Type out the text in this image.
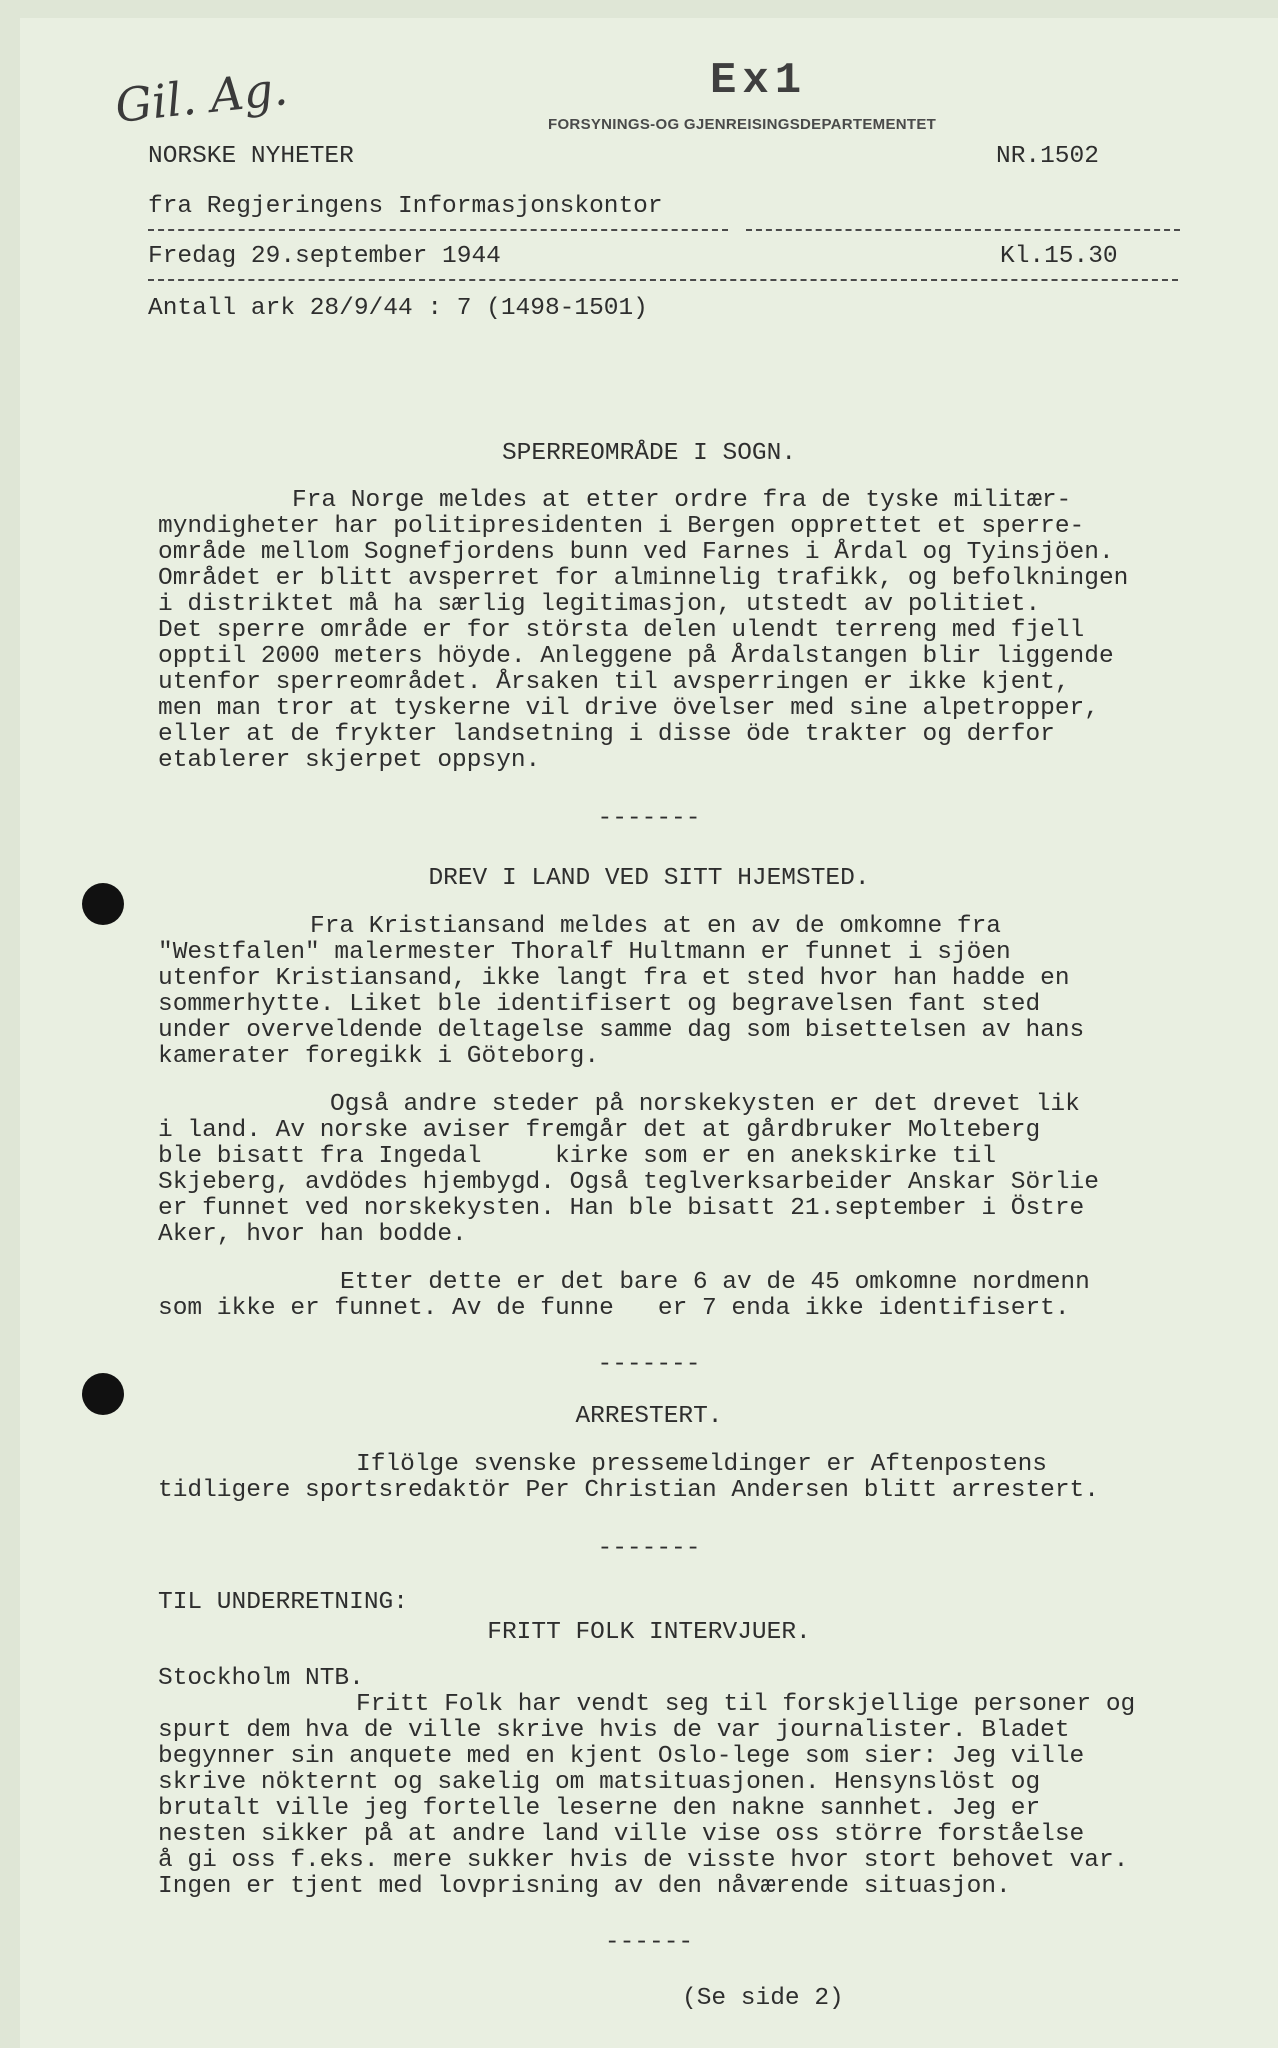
Gil. Ag.	Ex1
FORSYNINGS-OG GJENREISINGSDEPARTEMENTET
NORSKE NYHETER	NR.1502
fra Regjeringens Informasjonskontor
Fredag 29.september 1944	Kl.15.30
Antall ark 28/9/44 : 7 (1498-1501)
SPERREOMRÅDE I SOGN.
Fra Norge meldes at etter ordre fra de tyske militær-
myndigheter har politipresidenten i Bergen opprettet et sperre-
område mellom Sognefjordens bunn ved Farnes i Årdal og Tyinsjöen.
Området er blitt avsperret for alminnelig trafikk, og befolkningen
i distriktet må ha særlig legitimasjon, utstedt av politiet.
Det sperre område er for största delen ulendt terreng med fjell
opptil 2000 meters höyde. Anleggene på Årdalstangen blir liggende
utenfor sperreområdet. Årsaken til avsperringen er ikke kjent,
men man tror at tyskerne vil drive övelser med sine alpetropper,
eller at de frykter landsetning i disse öde trakter og derfor
etablerer skjerpet oppsyn.
-------
DREV I LAND VED SITT HJEMSTED.
Fra Kristiansand meldes at en av de omkomne fra
"Westfalen" malermester Thoralf Hultmann er funnet i sjöen
utenfor Kristiansand, ikke langt fra et sted hvor han hadde en
sommerhytte. Liket ble identifisert og begravelsen fant sted
under overveldende deltagelse samme dag som bisettelsen av hans
kamerater foregikk i Göteborg.
Også andre steder på norskekysten er det drevet lik
i land. Av norske aviser fremgår det at gårdbruker Molteberg
ble bisatt fra Ingedal     kirke som er en anekskirke til
Skjeberg, avdödes hjembygd. Også teglverksarbeider Anskar Sörlie
er funnet ved norskekysten. Han ble bisatt 21.september i Östre
Aker, hvor han bodde.
Etter dette er det bare 6 av de 45 omkomne nordmenn
som ikke er funnet. Av de funne   er 7 enda ikke identifisert.
-------
ARRESTERT.
Iflölge svenske pressemeldinger er Aftenpostens
tidligere sportsredaktör Per Christian Andersen blitt arrestert.
-------
TIL UNDERRETNING:
FRITT FOLK INTERVJUER.
Stockholm NTB.
Fritt Folk har vendt seg til forskjellige personer og
spurt dem hva de ville skrive hvis de var journalister. Bladet
begynner sin anquete med en kjent Oslo-lege som sier: Jeg ville
skrive nökternt og sakelig om matsituasjonen. Hensynslöst og
brutalt ville jeg fortelle leserne den nakne sannhet. Jeg er
nesten sikker på at andre land ville vise oss större forståelse
å gi oss f.eks. mere sukker hvis de visste hvor stort behovet var.
Ingen er tjent med lovprisning av den nåværende situasjon.
------
(Se side 2)
